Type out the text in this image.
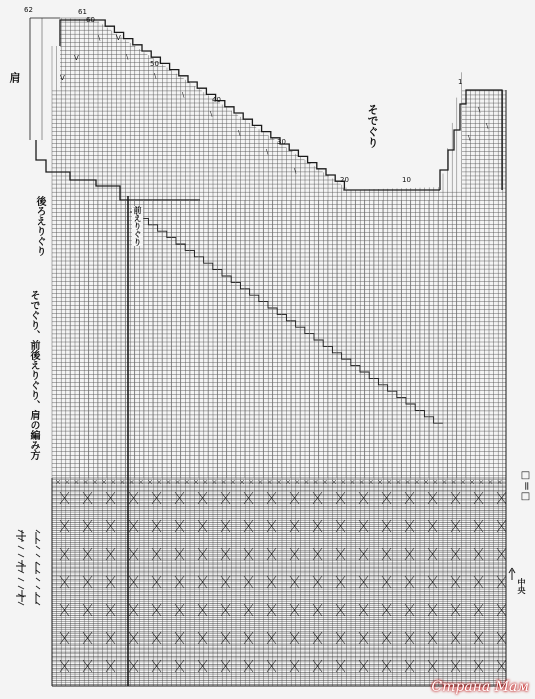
\
\
\
\
\
\
\
\
V
V
V
\
\
\
肩
そでぐり、前後えりぐり、肩の編み方
後ろえりぐり	前えりぐり
そでぐり
中央
□＝□
62	61
60
50
40
30
20	10
1
Страна Мам
